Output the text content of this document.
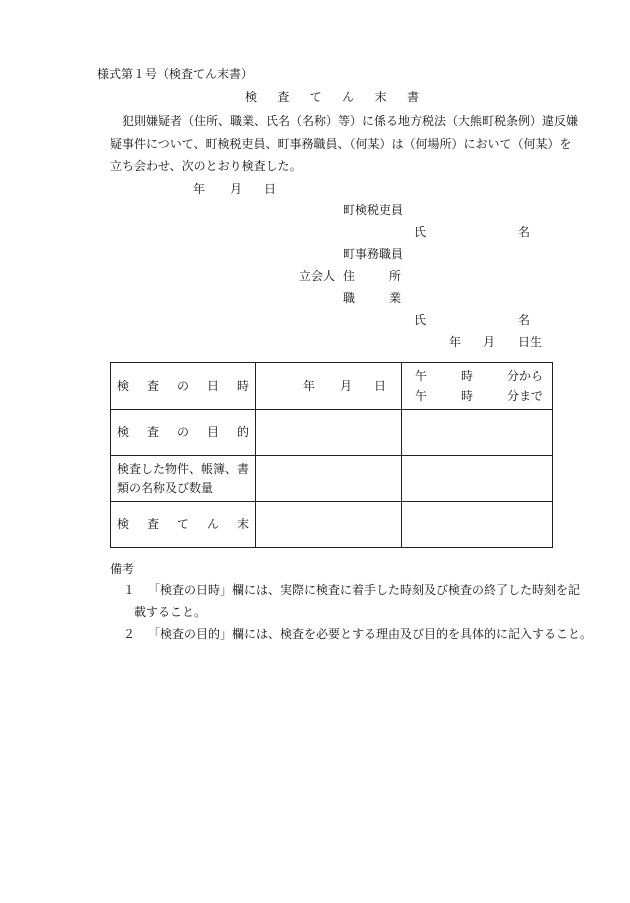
様式第１号（検査てん末書）
検 査 て ん 末 書
犯則嫌疑者（住所、職業、氏名（名称）等）に係る地方税法（大熊町税条例）違反嫌
疑事件について、町検税吏員、町事務職員、（何某）は（何場所）において（何某）を
立ち会わせ、次のとおり検査した。
年 月 日
町検税吏員
氏	名
町事務職員
立会人 住	所
職	業
氏	名
年 月 日生
検 査 の 日 時	年 月 日
午	時	分から
午	時	分まで
検 査 の 目 的
検査した物件、帳簿、書
類の名称及び数量
検 査 て ん 末
備考
１ 「検査の日時」欄には、実際に検査に着手した時刻及び検査の終了した時刻を記
載すること。
２ 「検査の目的」欄には、検査を必要とする理由及び目的を具体的に記入すること。
